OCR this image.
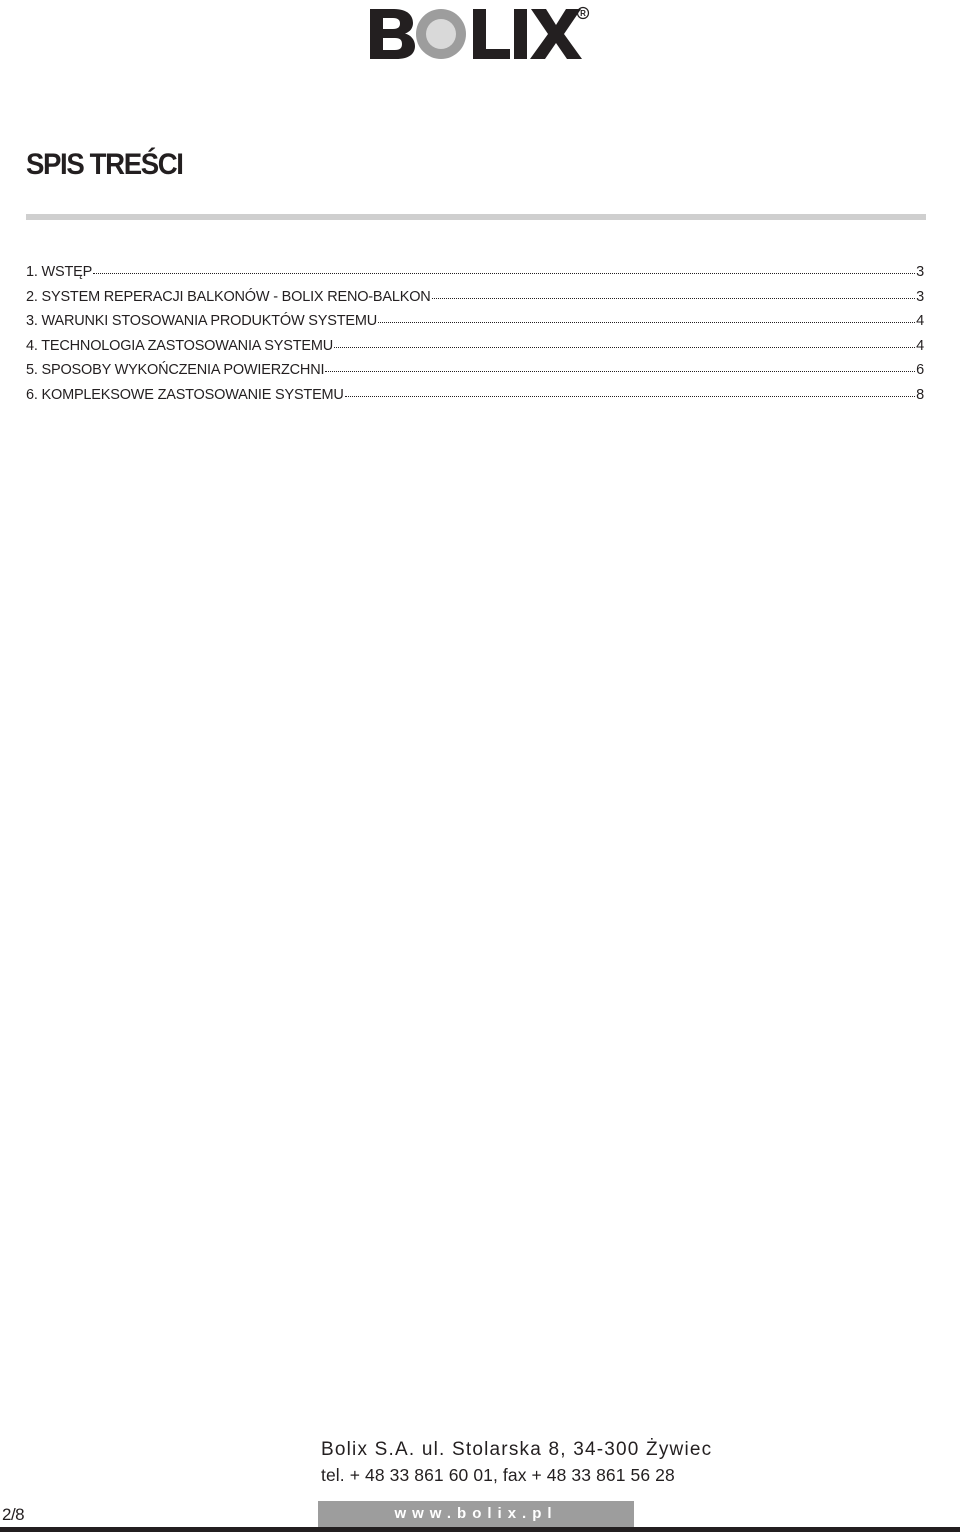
R
SPIS TREŚCI
1. WSTĘP	3
2. SYSTEM REPERACJI BALKONÓW - BOLIX RENO-BALKON	3
3. WARUNKI STOSOWANIA PRODUKTÓW SYSTEMU	4
4. TECHNOLOGIA ZASTOSOWANIA SYSTEMU	4
5. SPOSOBY WYKOŃCZENIA POWIERZCHNI	6
6. KOMPLEKSOWE ZASTOSOWANIE SYSTEMU	8

Bolix S.A. ul. Stolarska 8, 34-300 Żywiec

tel. + 48 33 861 60 01, fax + 48 33 861 56 28

www.bolix.pl
2/8
